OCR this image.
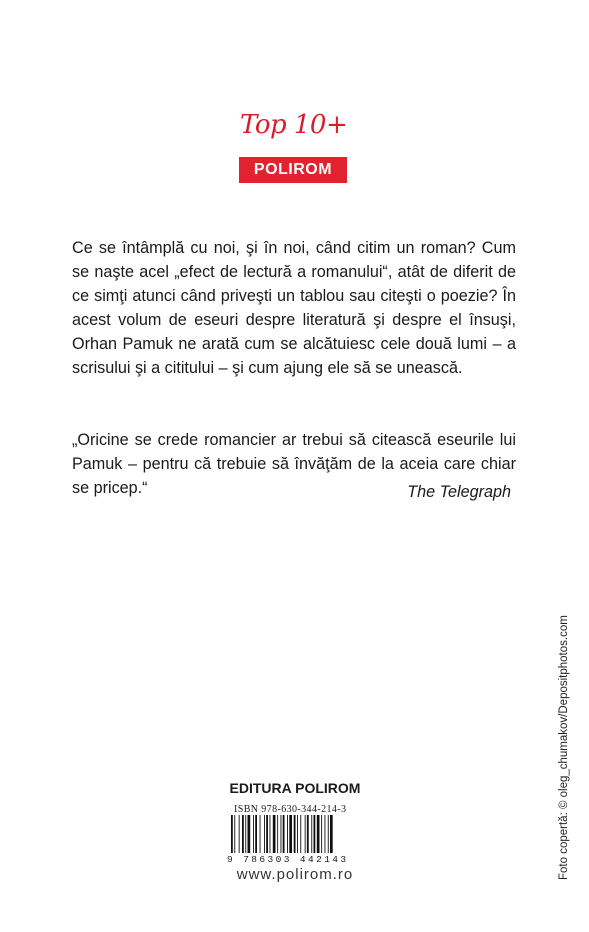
Top 10+
POLIROM

Ce se întâmplă cu noi, şi în noi, când citim un roman? Cum se naşte acel „efect de lectură a romanului“, atât de diferit de ce simţi atunci când priveşti un tablou sau citeşti o poezie? În acest volum de eseuri despre literatură şi despre el însuşi, Orhan Pamuk ne arată cum se alcătuiesc cele două lumi – a scrisului şi a cititului – şi cum ajung ele să se unească.

„Oricine se crede romancier ar trebui să citească eseurile lui Pamuk – pentru că trebuie să învăţăm de la aceia care chiar se pricep.“	The Telegraph
Foto copertă: © oleg_chumakov/Depositphotos.com
EDITURA POLIROM
ISBN 978-630-344-214-3
9 786303 442143
www.polirom.ro
